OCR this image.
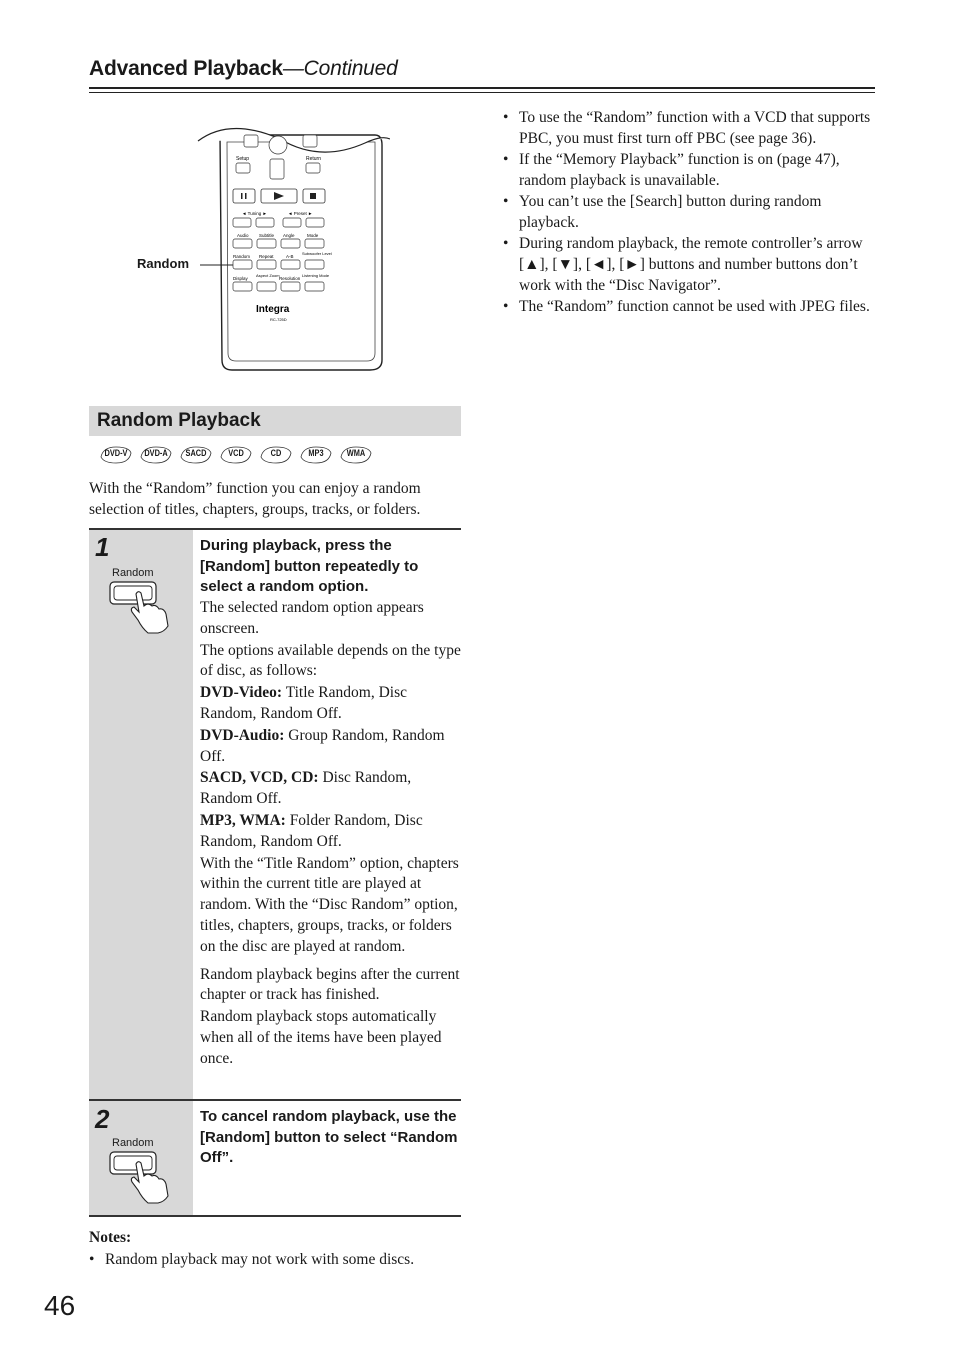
Advanced Playback—Continued
• To use the “Random” function with a VCD that supports PBC, you must first turn off PBC (see page 36).
• If the “Memory Playback” function is on (page 47), random playback is unavailable.
• You can’t use the [Search] button during random playback.
• During random playback, the remote controller’s arrow [▲], [▼], [◄], [►] buttons and number buttons don’t work with the “Disc Navigator”.
• The “Random” function cannot be used with JPEG files.
Setup	Return
◄ Tuning ►	◄ Preset ►
Audio Subtitle Angle	Mode
Random Repeat	A-B
Subwoofer Level
Display
Aspect Zoom
Resolution
Listening Mode
Integra
RC-725D
Random
Random Playback
DVD-V DVD-A	SACD	VCD	CD	MP3	WMA
With the “Random” function you can enjoy a random selection of titles, chapters, groups, tracks, or folders.
1
Random
During playback, press the [Random] button repeatedly to select a random option.

The selected random option appears onscreen.

The options available depends on the type of disc, as follows:

DVD-Video: Title Random, Disc Random, Random Off.

DVD-Audio: Group Random, Random Off.

SACD, VCD, CD: Disc Random, Random Off.

MP3, WMA: Folder Random, Disc Random, Random Off.

With the “Title Random” option, chapters within the current title are played at random. With the “Disc Random” option, titles, chapters, groups, tracks, or folders on the disc are played at random.

Random playback begins after the current chapter or track has finished.

Random playback stops automatically when all of the items have been played once.

2
Random
To cancel random playback, use the [Random] button to select “Random Off”.
Notes:
• Random playback may not work with some discs.
46
